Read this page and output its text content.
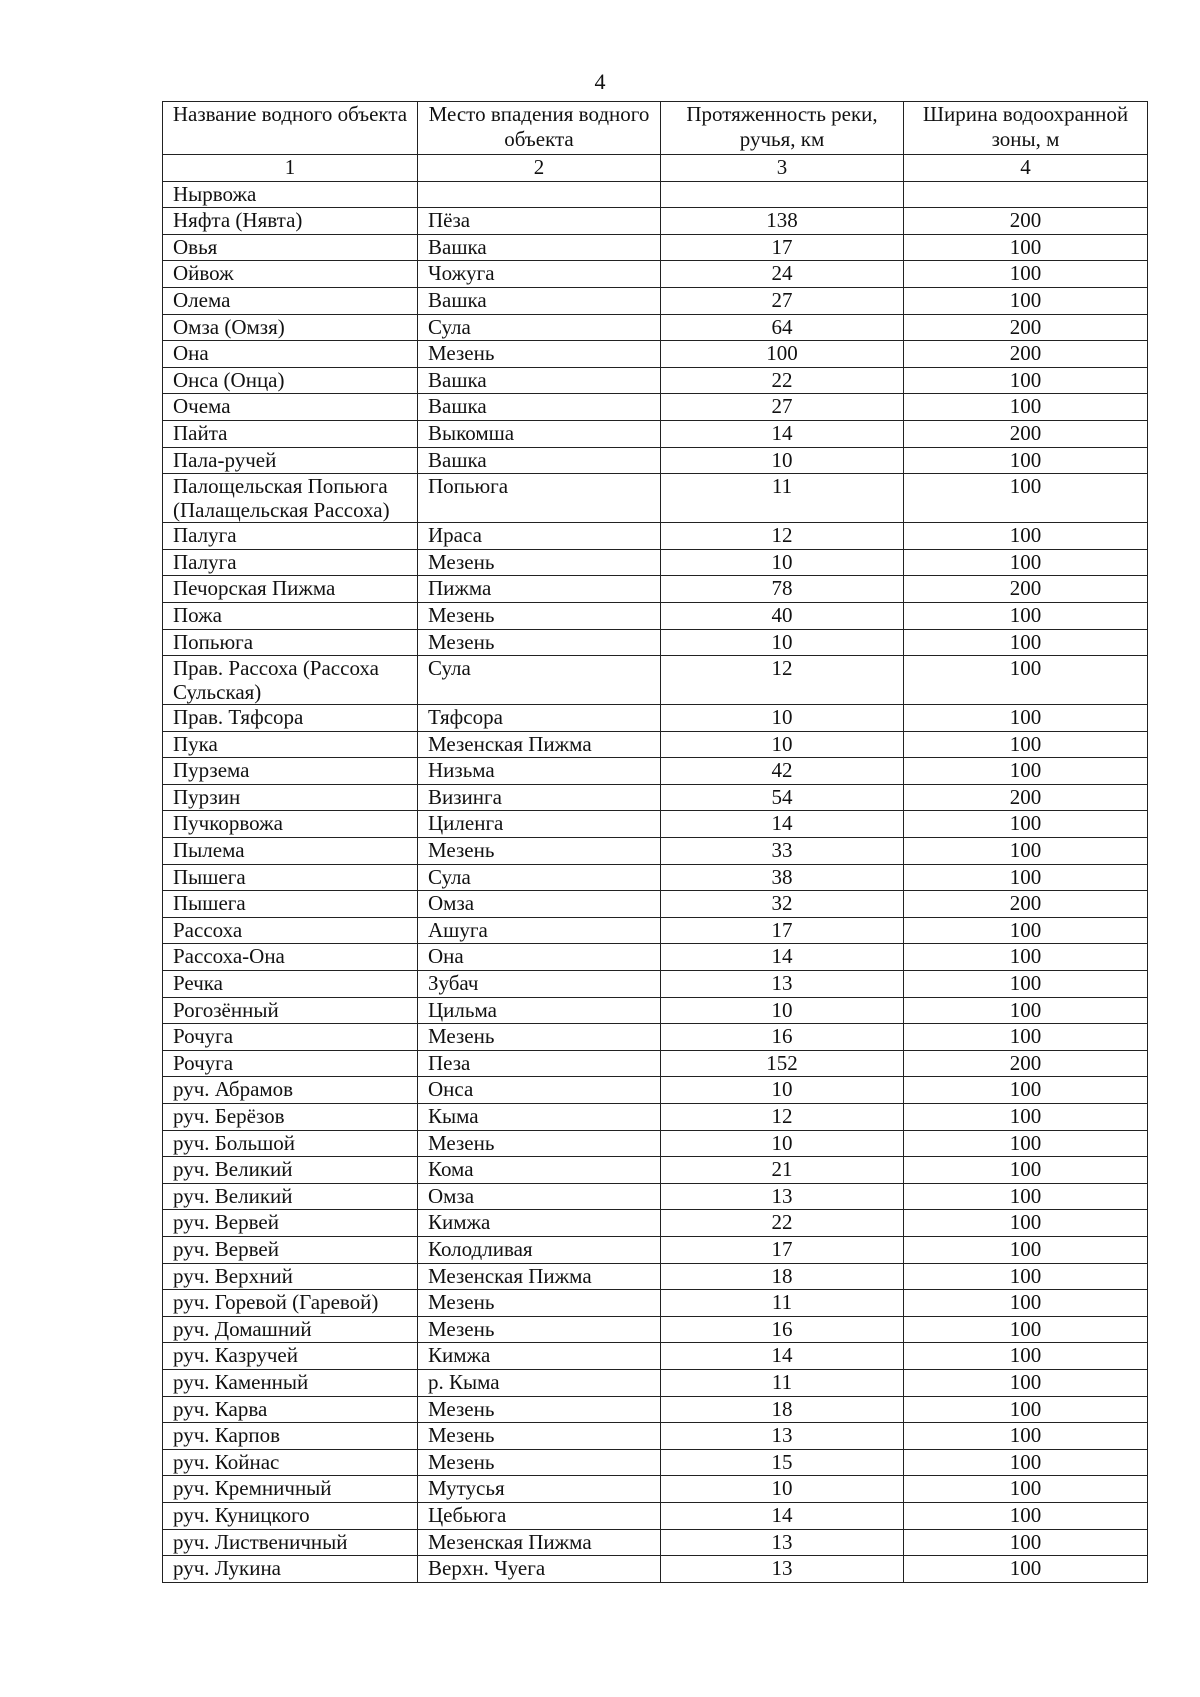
4
Название водного объекта	Место впадения водного объекта	Протяженность реки, ручья, км	Ширина водоохранной зоны, м
1	2	3	4
Нырвожа			
Няфта (Нявта)	Пёза	138	200
Овья	Вашка	17	100
Ойвож	Чожуга	24	100
Олема	Вашка	27	100
Омза (Омзя)	Сула	64	200
Она	Мезень	100	200
Онса (Онца)	Вашка	22	100
Очема	Вашка	27	100
Пайта	Выкомша	14	200
Пала-ручей	Вашка	10	100
Палощельская Попьюга (Палащельская Рассоха)	Попьюга	11	100
Палуга	Ираса	12	100
Палуга	Мезень	10	100
Печорская Пижма	Пижма	78	200
Пожа	Мезень	40	100
Попьюга	Мезень	10	100
Прав. Рассоха (Рассоха Сульская)	Сула	12	100
Прав. Тяфсора	Тяфсора	10	100
Пука	Мезенская Пижма	10	100
Пурзема	Низьма	42	100
Пурзин	Визинга	54	200
Пучкорвожа	Циленга	14	100
Пылема	Мезень	33	100
Пышега	Сула	38	100
Пышега	Омза	32	200
Рассоха	Ашуга	17	100
Рассоха-Она	Она	14	100
Речка	Зубач	13	100
Рогозённый	Цильма	10	100
Рочуга	Мезень	16	100
Рочуга	Пеза	152	200
руч. Абрамов	Онса	10	100
руч. Берёзов	Кыма	12	100
руч. Большой	Мезень	10	100
руч. Великий	Кома	21	100
руч. Великий	Омза	13	100
руч. Вервей	Кимжа	22	100
руч. Вервей	Колодливая	17	100
руч. Верхний	Мезенская Пижма	18	100
руч. Горевой (Гаревой)	Мезень	11	100
руч. Домашний	Мезень	16	100
руч. Казручей	Кимжа	14	100
руч. Каменный	р. Кыма	11	100
руч. Карва	Мезень	18	100
руч. Карпов	Мезень	13	100
руч. Койнас	Мезень	15	100
руч. Кремничный	Мутусья	10	100
руч. Куницкого	Цебьюга	14	100
руч. Лиственичный	Мезенская Пижма	13	100
руч. Лукина	Верхн. Чуега	13	100
